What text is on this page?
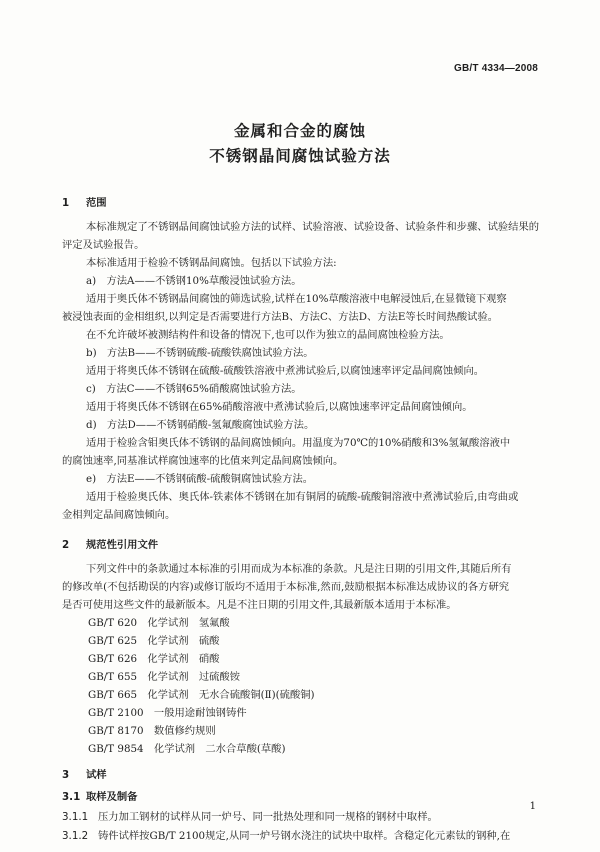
GB/T 4334—2008
金属和合金的腐蚀
不锈钢晶间腐蚀试验方法
1 范围
本标准规定了不锈钢晶间腐蚀试验方法的试样、试验溶液、试验设备、试验条件和步骤、试验结果的
评定及试验报告。
本标准适用于检验不锈钢晶间腐蚀。包括以下试验方法:
a)　方法A——不锈钢10%草酸浸蚀试验方法。
适用于奥氏体不锈钢晶间腐蚀的筛选试验,试样在10%草酸溶液中电解浸蚀后,在显微镜下观察
被浸蚀表面的金相组织,以判定是否需要进行方法B、方法C、方法D、方法E等长时间热酸试验。
在不允许破坏被测结构件和设备的情况下,也可以作为独立的晶间腐蚀检验方法。
b)　方法B——不锈钢硫酸-硫酸铁腐蚀试验方法。
适用于将奥氏体不锈钢在硫酸-硫酸铁溶液中煮沸试验后,以腐蚀速率评定晶间腐蚀倾向。
c)　方法C——不锈钢65%硝酸腐蚀试验方法。
适用于将奥氏体不锈钢在65%硝酸溶液中煮沸试验后,以腐蚀速率评定晶间腐蚀倾向。
d)　方法D——不锈钢硝酸-氢氟酸腐蚀试验方法。
适用于检验含钼奥氏体不锈钢的晶间腐蚀倾向。用温度为70℃的10%硝酸和3%氢氟酸溶液中
的腐蚀速率,同基准试样腐蚀速率的比值来判定晶间腐蚀倾向。
e)　方法E——不锈钢硫酸-硫酸铜腐蚀试验方法。
适用于检验奥氏体、奥氏体-铁素体不锈钢在加有铜屑的硫酸-硫酸铜溶液中煮沸试验后,由弯曲或
金相判定晶间腐蚀倾向。
2 规范性引用文件
下列文件中的条款通过本标准的引用而成为本标准的条款。凡是注日期的引用文件,其随后所有
的修改单(不包括勘误的内容)或修订版均不适用于本标准,然而,鼓励根据本标准达成协议的各方研究
是否可使用这些文件的最新版本。凡是不注日期的引用文件,其最新版本适用于本标准。
GB/T 620　化学试剂　氢氟酸
GB/T 625　化学试剂　硫酸
GB/T 626　化学试剂　硝酸
GB/T 655　化学试剂　过硫酸铵
GB/T 665　化学试剂　无水合硫酸铜(Ⅱ)(硫酸铜)
GB/T 2100　一般用途耐蚀钢铸件
GB/T 8170　数值修约规则
GB/T 9854　化学试剂　二水合草酸(草酸)
3 试样
3.1 取样及制备
3.1.1 压力加工钢材的试样从同一炉号、同一批热处理和同一规格的钢材中取样。
3.1.2 铸件试样按GB/T 2100规定,从同一炉号钢水浇注的试块中取样。含稳定化元素钛的钢种,在
1
